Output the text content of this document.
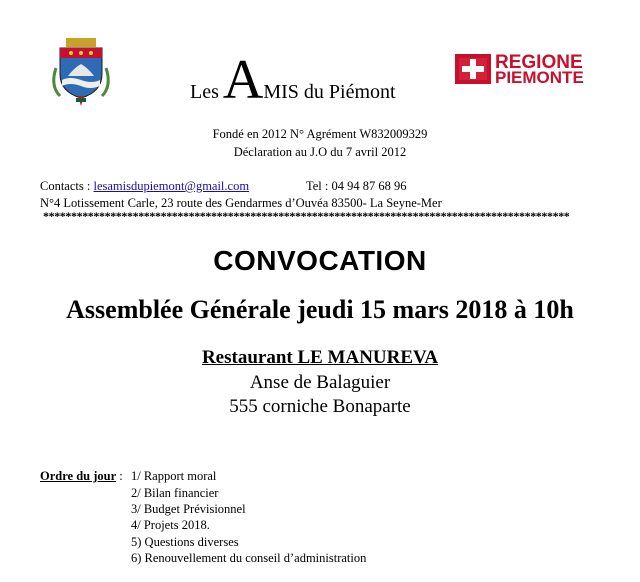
REGIONE
PIEMONTE
Les AMIS du Piémont
Fondé en 2012 N° Agrément W832009329
Déclaration au J.O du 7 avril 2012
Contacts : lesamisdupiemont@gmail.com	Tel : 04 94 87 68 96
N°4 Lotissement Carle, 23 route des Gendarmes d’Ouvéa 83500- La Seyne-Mer
**********************************************************************************************
CONVOCATION
Assemblée Générale jeudi 15 mars 2018 à 10h
Restaurant LE MANUREVA
Anse de Balaguier
555 corniche Bonaparte
Ordre du jour : 1/ Rapport moral
2/ Bilan financier
3/ Budget Prévisionnel
4/ Projets 2018.
5) Questions diverses
6) Renouvellement du conseil d’administration
